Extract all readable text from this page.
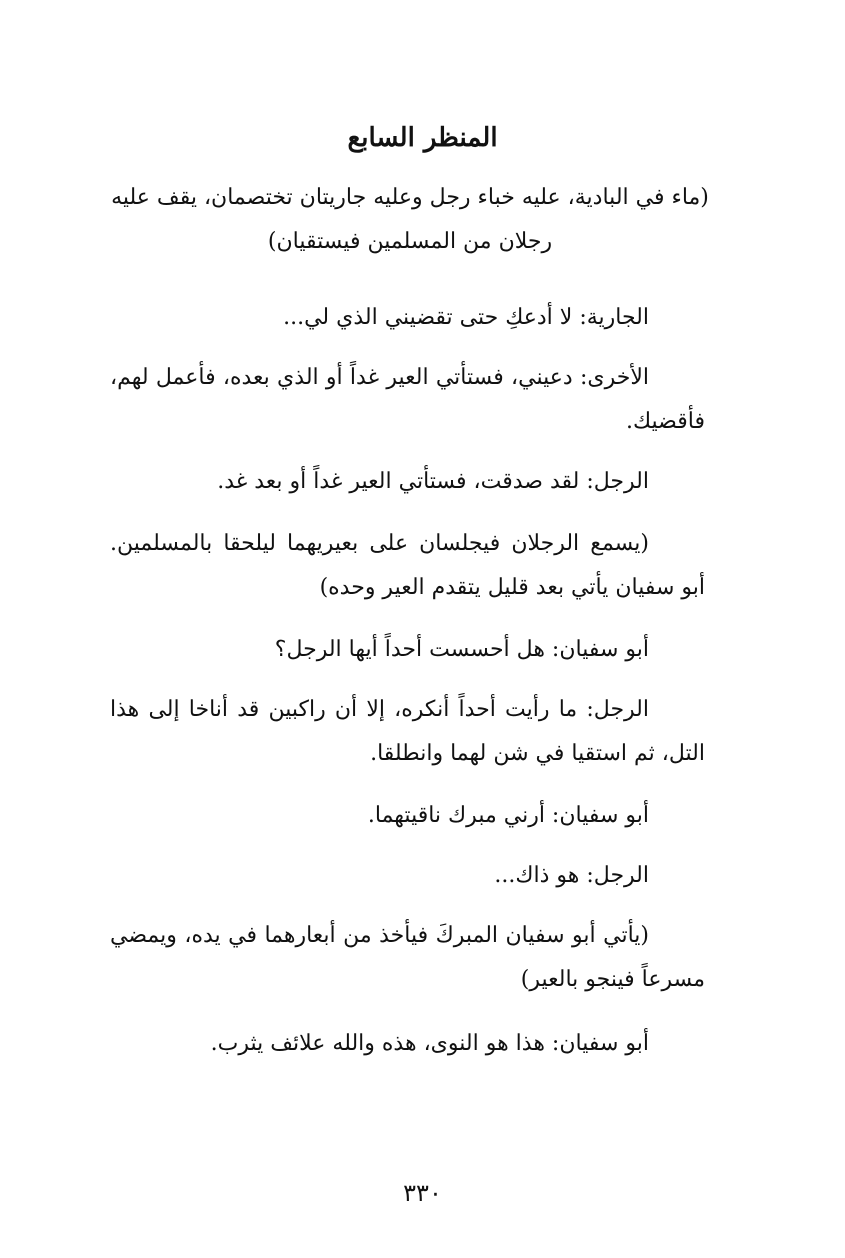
المنظر السابع
(ماء في البادية، عليه خباء رجل وعليه جاريتان تختصمان، يقف عليه رجلان من المسلمين فيستقيان)
الجارية: لا أدعكِ حتى تقضيني الذي لي...
الأخرى: دعيني، فستأتي العير غداً أو الذي بعده، فأعمل لهم، فأقضيك.
الرجل: لقد صدقت، فستأتي العير غداً أو بعد غد.
(يسمع الرجلان فيجلسان على بعيريهما ليلحقا بالمسلمين. أبو سفيان يأتي بعد قليل يتقدم العير وحده)
أبو سفيان: هل أحسست أحداً أيها الرجل؟
الرجل: ما رأيت أحداً أنكره، إلا أن راكبين قد أناخا إلى هذا التل، ثم استقيا في شن لهما وانطلقا.
أبو سفيان: أرني مبرك ناقيتهما.
الرجل: هو ذاك...
(يأتي أبو سفيان المبركَ فيأخذ من أبعارهما في يده، ويمضي مسرعاً فينجو بالعير)
أبو سفيان: هذا هو النوى، هذه والله علائف يثرب.
٣٣٠
